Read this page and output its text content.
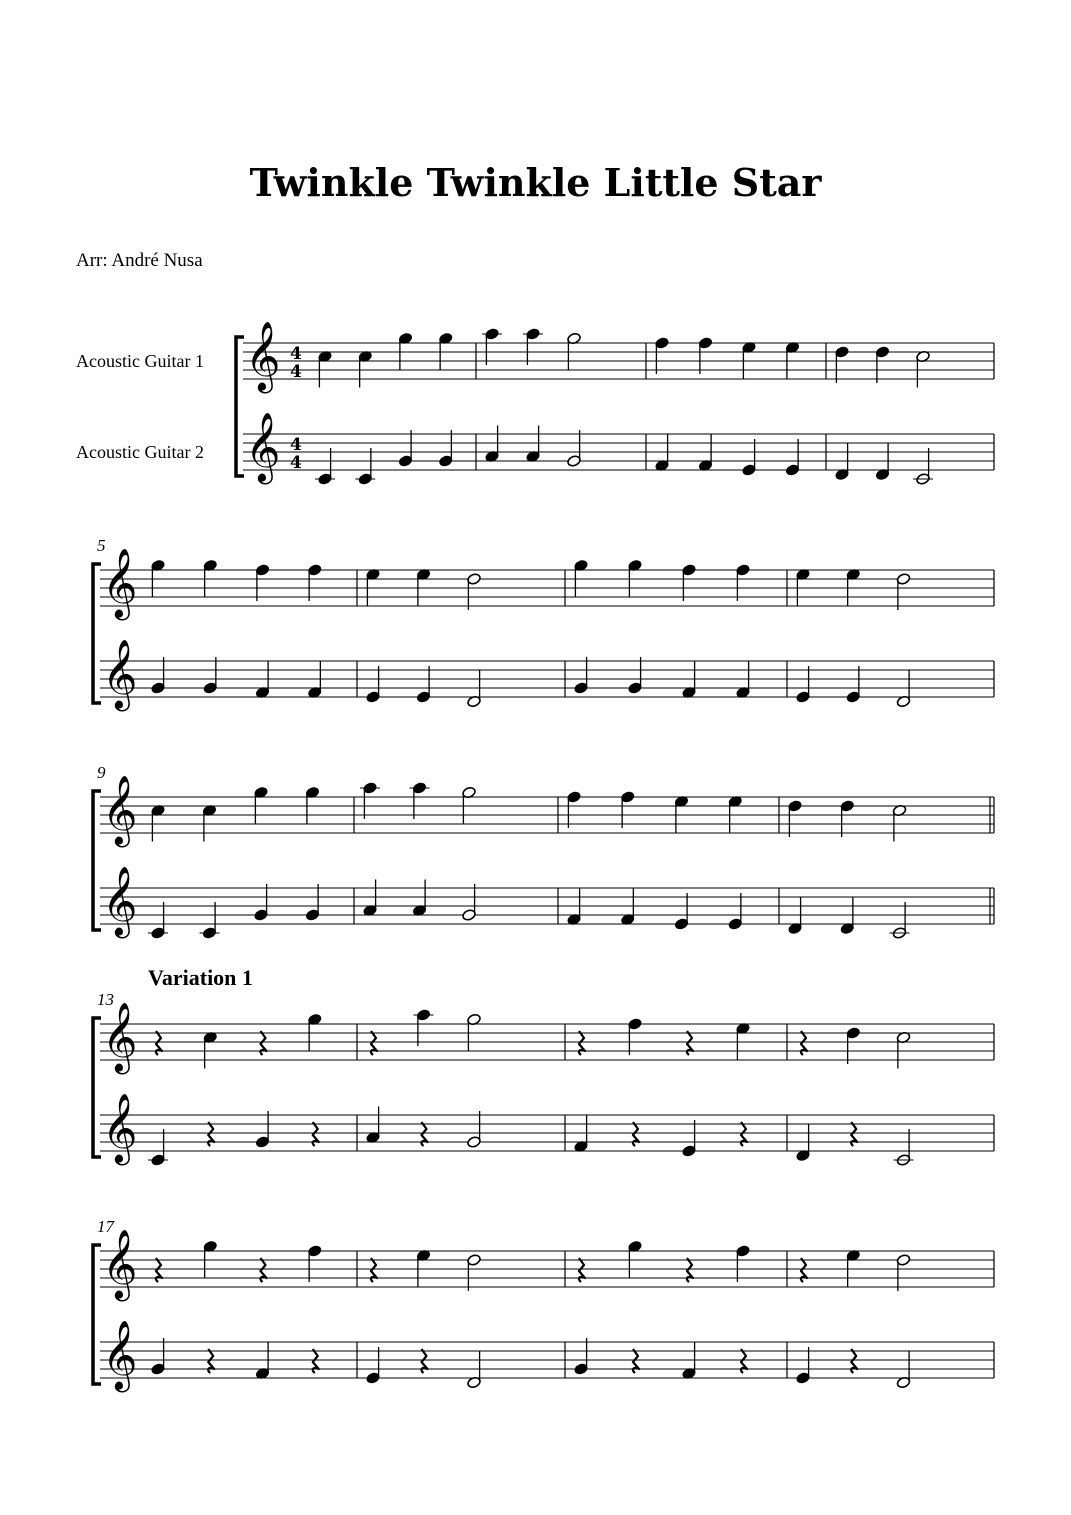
Twinkle Twinkle Little Star
Arr: André Nusa
𝄞
𝄞
4
4
4
4
Acoustic Guitar 1
Acoustic Guitar 2
𝄞
𝄞
5
𝄞
𝄞
9
𝄞
𝄞
13
Variation 1
𝄞
𝄞
17
